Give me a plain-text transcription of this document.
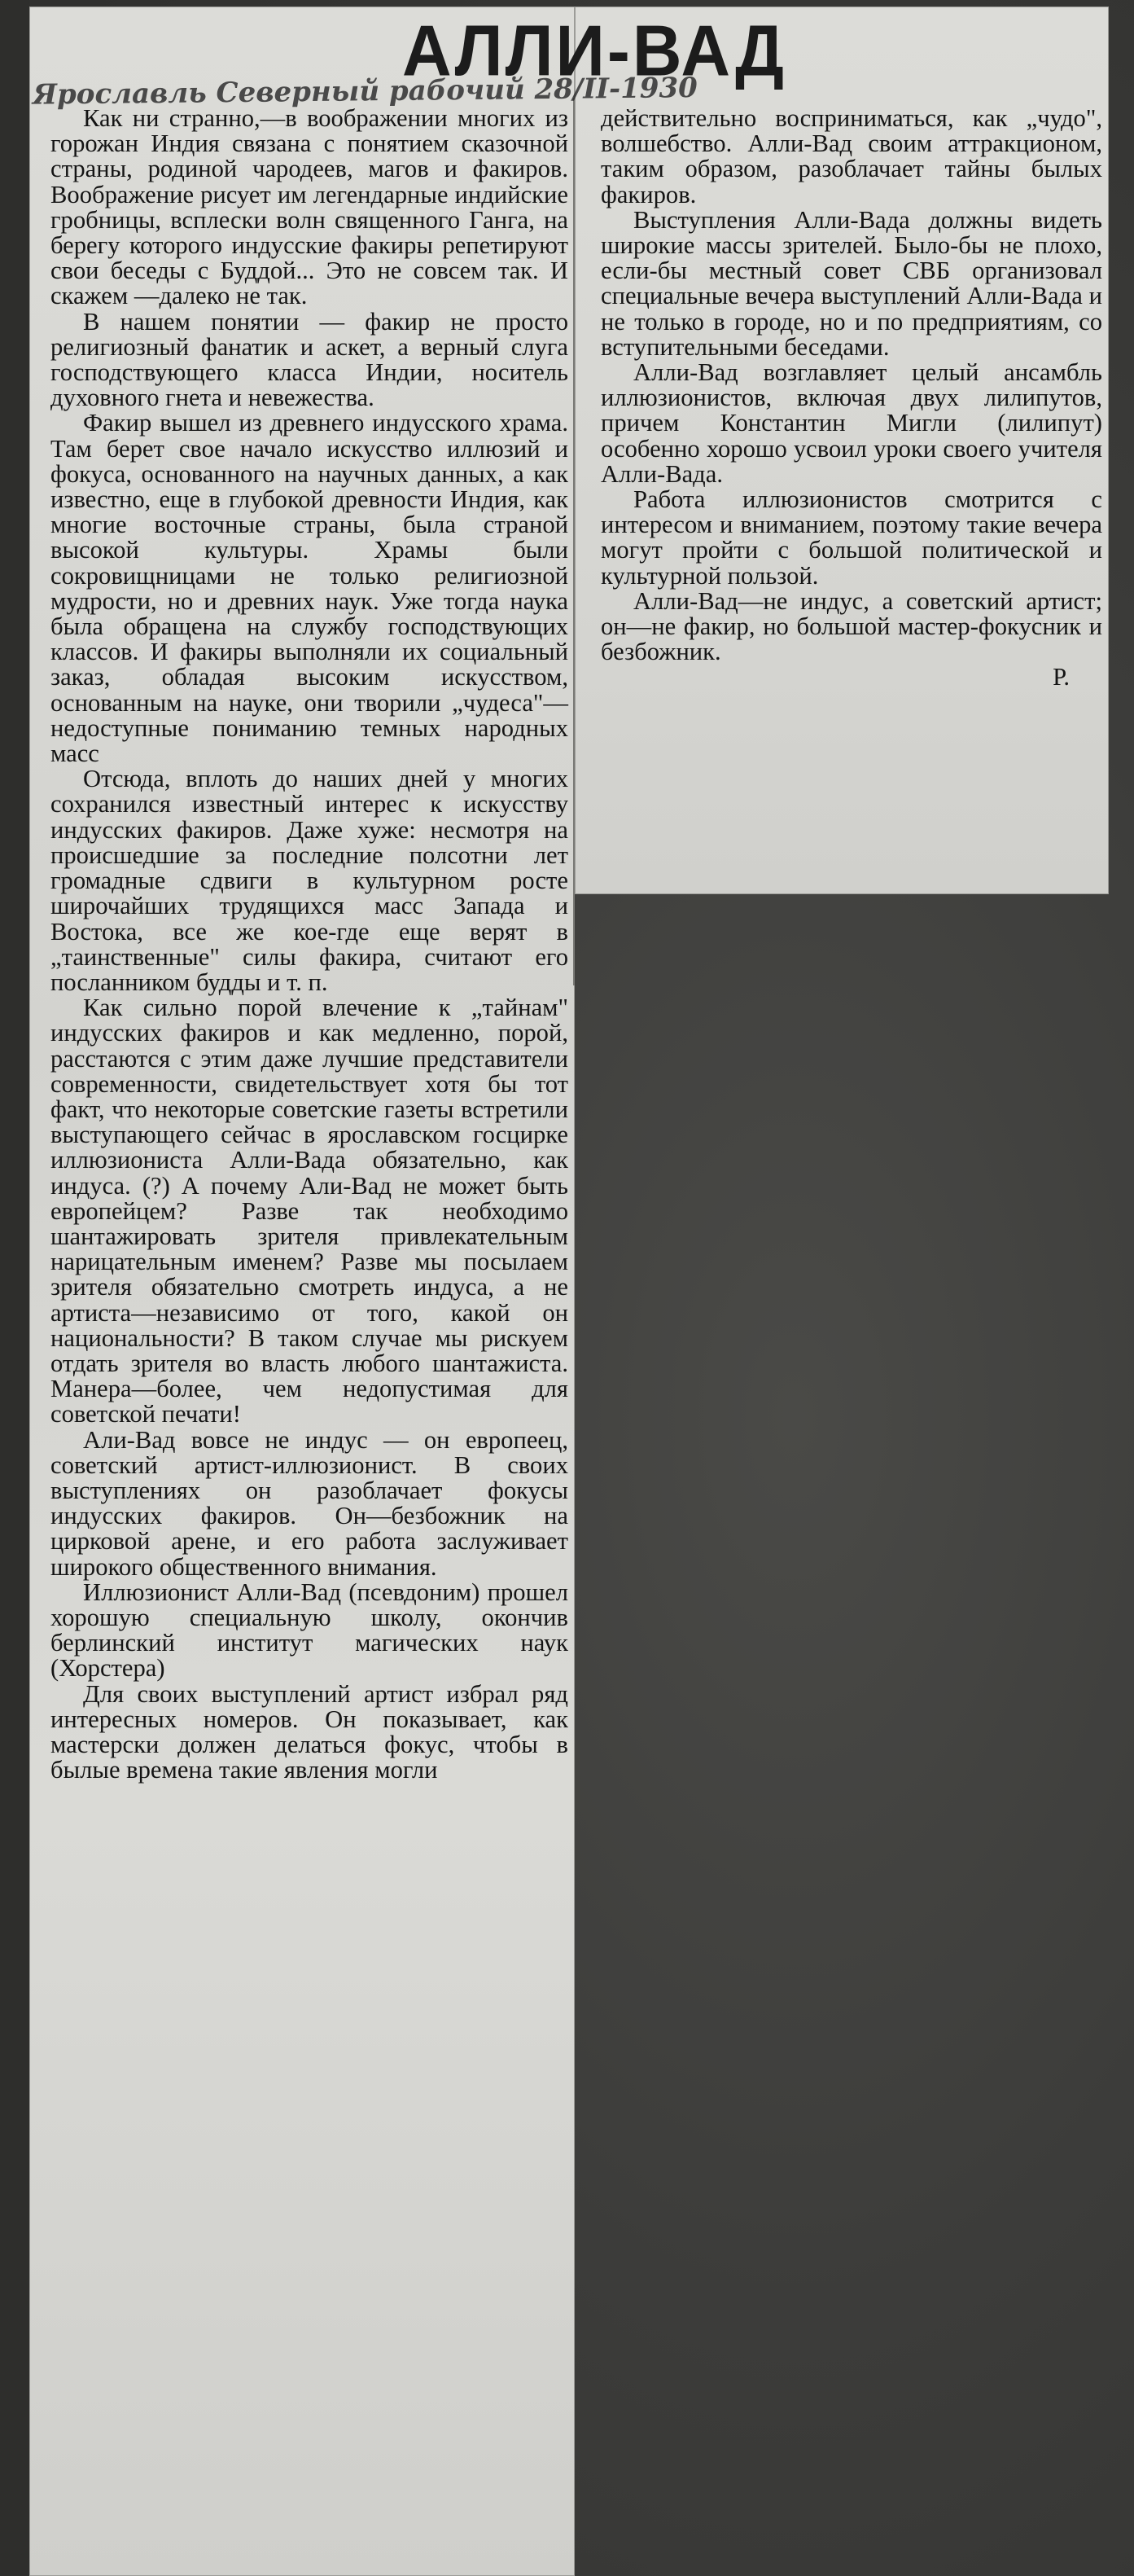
АЛЛИ-ВАД
Ярославль Северный рабочий 28/II-1930

Как ни странно,—в воображении многих из горожан Индия связана с понятием сказочной страны, родиной чародеев, магов и факиров. Воображение рисует им легендарные индийские гробницы, всплески волн священного Ганга, на берегу которого индусские факиры репетируют свои беседы с Буддой... Это не совсем так. И скажем —далеко не так.

В нашем понятии — факир не просто религиозный фанатик и аскет, а верный слуга господствующего класса Индии, носитель духовного гнета и невежества.

Факир вышел из древнего индусского храма. Там берет свое начало искусство иллюзий и фокуса, основанного на научных данных, а как известно, еще в глубокой древности Индия, как многие восточные страны, была страной высокой культуры. Храмы были сокровищницами не только религиозной мудрости, но и древних наук. Уже тогда наука была обращена на службу господствующих классов. И факиры выполняли их социальный заказ, обладая высоким искусством, основанным на науке, они творили „чудеса"—недоступные пониманию темных народных масс

Отсюда, вплоть до наших дней у многих сохранился известный интерес к искусству индусских факиров. Даже хуже: несмотря на происшедшие за последние полсотни лет громадные сдвиги в культурном росте широчайших трудящихся масс Запада и Востока, все же кое-где еще верят в „таинственные" силы факира, считают его посланником будды и т. п.

Как сильно порой влечение к „тайнам" индусских факиров и как медленно, порой, расстаются с этим даже лучшие представители современности, свидетельствует хотя бы тот факт, что некоторые советские газеты встретили выступающего сейчас в ярославском госцирке иллюзиониста Алли-Вада обязательно, как индуса. (?) А почему Али-Вад не может быть европейцем? Разве так необходимо шантажировать зрителя привлекательным нарицательным именем? Разве мы посылаем зрителя обязательно смотреть индуса, а не артиста—независимо от того, какой он национальности? В таком случае мы рискуем отдать зрителя во власть любого шантажиста. Манера—более, чем недопустимая для советской печати!

Али-Вад вовсе не индус — он европеец, советский артист-иллюзионист. В своих выступлениях он разоблачает фокусы индусских факиров. Он—безбожник на цирковой арене, и его работа заслуживает широкого общественного внимания.

Иллюзионист Алли-Вад (псевдоним) прошел хорошую специальную школу, окончив берлинский институт магических наук (Хорстера)

Для своих выступлений артист избрал ряд интересных номеров. Он показывает, как мастерски должен делаться фокус, чтобы в былые времена такие явления могли

действительно восприниматься, как „чудо", волшебство. Алли-Вад своим аттракционом, таким образом, разоблачает тайны былых факиров.

Выступления Алли-Вада должны видеть широкие массы зрителей. Было-бы не плохо, если-бы местный совет СВБ организовал специальные вечера выступлений Алли-Вада и не только в городе, но и по предприятиям, со вступительными беседами.

Алли-Вад возглавляет целый ансамбль иллюзионистов, включая двух лилипутов, причем Константин Мигли (лилипут) особенно хорошо усвоил уроки своего учителя Алли-Вада.

Работа иллюзионистов смотрится с интересом и вниманием, поэтому такие вечера могут пройти с большой политической и культурной пользой.

Алли-Вад—не индус, а советский артист; он—не факир, но большой мастер-фокусник и безбожник.

Р.
